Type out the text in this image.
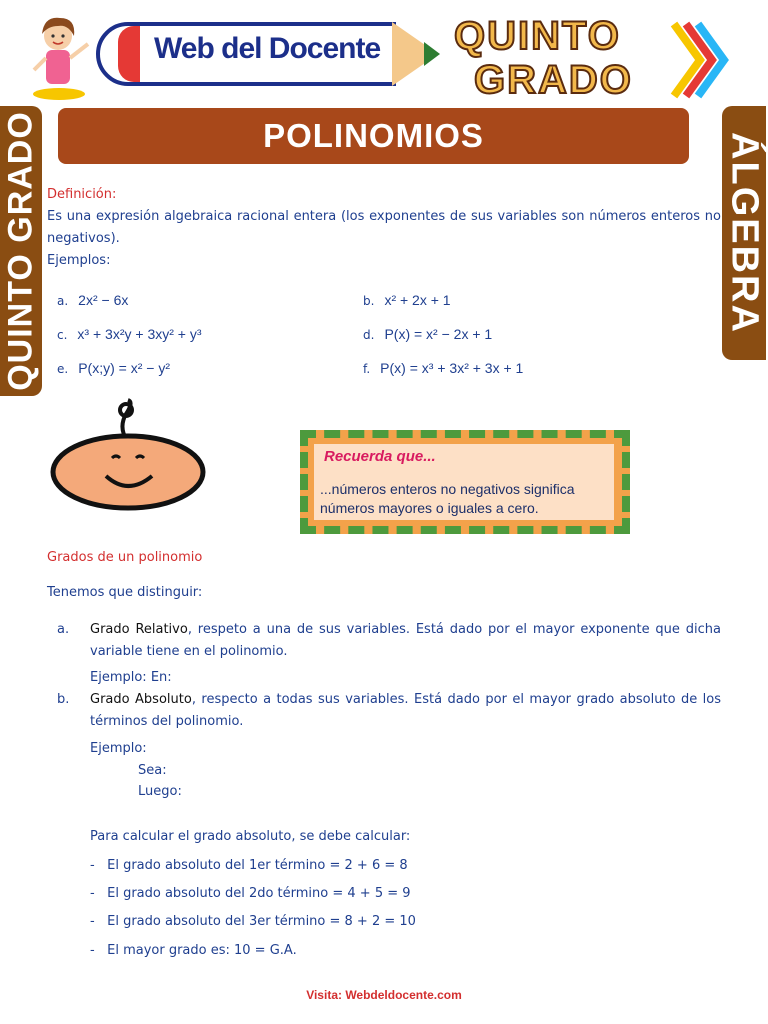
Web del Docente QUINTO
GRADO
QUINTO GRADO	ÁLGEBRA
POLINOMIOS
Definición:
Es una expresión algebraica racional entera (los exponentes de sus variables son números enteros no negativos).
Ejemplos:
a. 2x² − 6x	b. x² + 2x + 1
c. x³ + 3x²y + 3xy² + y³	d. P(x) = x² − 2x + 1
e. P(x;y) = x² − y²	f. P(x) = x³ + 3x² + 3x + 1
Recuerda que...
...números enteros no negativos significa números mayores o iguales a cero.
Grados de un polinomio
Tenemos que distinguir:
a. Grado Relativo, respeto a una de sus variables. Está dado por el mayor exponente que dicha variable tiene en el polinomio.
Ejemplo: En:
b. Grado Absoluto, respecto a todas sus variables. Está dado por el mayor grado absoluto de los términos del polinomio.
Ejemplo:
Sea:
Luego:
Para calcular el grado absoluto, se debe calcular:
- El grado absoluto del 1er término = 2 + 6 = 8
- El grado absoluto del 2do término = 4 + 5 = 9
- El grado absoluto del 3er término = 8 + 2 = 10
- El mayor grado es: 10 = G.A.
Visita: Webdeldocente.com
